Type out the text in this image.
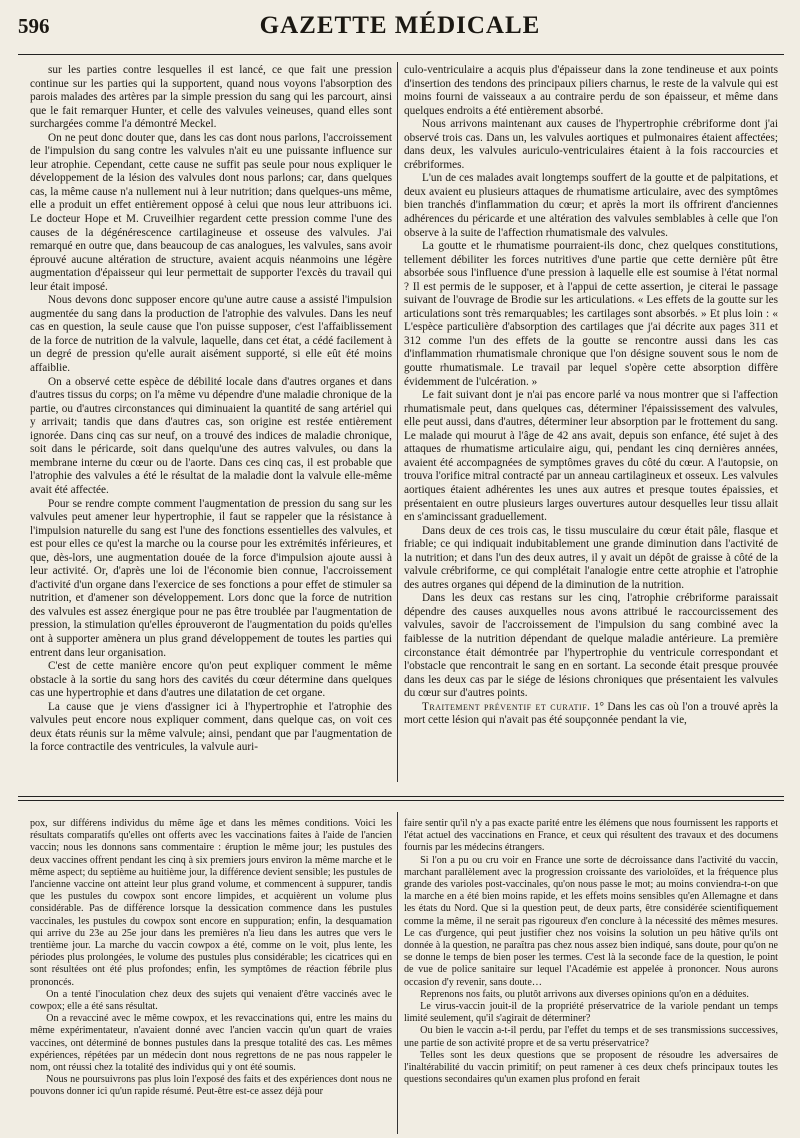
596	GAZETTE MÉDICALE

sur les parties contre lesquelles il est lancé, ce que fait une pression continue sur les parties qui la supportent, quand nous voyons l'absorption des parois malades des artères par la simple pression du sang qui les parcourt, ainsi que le fait remarquer Hunter, et celle des valvules veineuses, quand elles sont surchargées comme l'a démontré Meckel.

On ne peut donc douter que, dans les cas dont nous parlons, l'accroissement de l'impulsion du sang contre les valvules n'ait eu une puissante influence sur leur atrophie. Cependant, cette cause ne suffit pas seule pour nous expliquer le développement de la lésion des valvules dont nous parlons; car, dans quelques cas, la même cause n'a nullement nui à leur nutrition; dans quelques-uns même, elle a produit un effet entièrement opposé à celui que nous leur attribuons ici. Le docteur Hope et M. Cruveilhier regardent cette pression comme l'une des causes de la dégénérescence cartilagineuse et osseuse des valvules. J'ai remarqué en outre que, dans beaucoup de cas analogues, les valvules, sans avoir éprouvé aucune altération de structure, avaient acquis néanmoins une légère augmentation d'épaisseur qui leur permettait de supporter l'excès du travail qui leur était imposé.

Nous devons donc supposer encore qu'une autre cause a assisté l'impulsion augmentée du sang dans la production de l'atrophie des valvules. Dans les neuf cas en question, la seule cause que l'on puisse supposer, c'est l'affaiblissement de la force de nutrition de la valvule, laquelle, dans cet état, a cédé facilement à un degré de pression qu'elle aurait aisément supporté, si elle eût été moins affaiblie.

On a observé cette espèce de débilité locale dans d'autres organes et dans d'autres tissus du corps; on l'a même vu dépendre d'une maladie chronique de la partie, ou d'autres circonstances qui diminuaient la quantité de sang artériel qui y arrivait; tandis que dans d'autres cas, son origine est restée entièrement ignorée. Dans cinq cas sur neuf, on a trouvé des indices de maladie chronique, soit dans le péricarde, soit dans quelqu'une des autres valvules, ou dans la membrane interne du cœur ou de l'aorte. Dans ces cinq cas, il est probable que l'atrophie des valvules a été le résultat de la maladie dont la valvule elle-même avait été affectée.

Pour se rendre compte comment l'augmentation de pression du sang sur les valvules peut amener leur hypertrophie, il faut se rappeler que la résistance à l'impulsion naturelle du sang est l'une des fonctions essentielles des valvules, et est pour elles ce qu'est la marche ou la course pour les extrémités inférieures, et que, dès-lors, une augmentation douée de la force d'impulsion ajoute aussi à leur activité. Or, d'après une loi de l'économie bien connue, l'accroissement d'activité d'un organe dans l'exercice de ses fonctions a pour effet de stimuler sa nutrition, et d'amener son développement. Lors donc que la force de nutrition des valvules est assez énergique pour ne pas être troublée par l'augmentation de pression, la stimulation qu'elles éprouveront de l'augmentation du poids qu'elles ont à supporter amènera un plus grand développement de toutes les parties qui entrent dans leur organisation.

C'est de cette manière encore qu'on peut expliquer comment le même obstacle à la sortie du sang hors des cavités du cœur détermine dans quelques cas une hypertrophie et dans d'autres une dilatation de cet organe.

La cause que je viens d'assigner ici à l'hypertrophie et l'atrophie des valvules peut encore nous expliquer comment, dans quelque cas, on voit ces deux états réunis sur la même valvule; ainsi, pendant que par l'augmentation de la force contractile des ventricules, la valvule auri-

culo-ventriculaire a acquis plus d'épaisseur dans la zone tendineuse et aux points d'insertion des tendons des principaux piliers charnus, le reste de la valvule qui est moins fourni de vaisseaux a au contraire perdu de son épaisseur, et même dans quelques endroits a été entièrement absorbé.

Nous arrivons maintenant aux causes de l'hypertrophie crébriforme dont j'ai observé trois cas. Dans un, les valvules aortiques et pulmonaires étaient affectées; dans deux, les valvules auriculo-ventriculaires étaient à la fois raccourcies et crébriformes.

L'un de ces malades avait longtemps souffert de la goutte et de palpitations, et deux avaient eu plusieurs attaques de rhumatisme articulaire, avec des symptômes bien tranchés d'inflammation du cœur; et après la mort ils offrirent d'anciennes adhérences du péricarde et une altération des valvules semblables à celle que l'on observe à la suite de l'affection rhumatismale des valvules.

La goutte et le rhumatisme pourraient-ils donc, chez quelques constitutions, tellement débiliter les forces nutritives d'une partie que cette dernière pût être absorbée sous l'influence d'une pression à laquelle elle est soumise à l'état normal ? Il est permis de le supposer, et à l'appui de cette assertion, je citerai le passage suivant de l'ouvrage de Brodie sur les articulations. « Les effets de la goutte sur les articulations sont très remarquables; les cartilages sont absorbés. » Et plus loin : « L'espèce particulière d'absorption des cartilages que j'ai décrite aux pages 311 et 312 comme l'un des effets de la goutte se rencontre aussi dans les cas d'inflammation rhumatismale chronique que l'on désigne souvent sous le nom de goutte rhumatismale. Le travail par lequel s'opère cette absorption diffère évidemment de l'ulcération. »

Le fait suivant dont je n'ai pas encore parlé va nous montrer que si l'affection rhumatismale peut, dans quelques cas, déterminer l'épaississement des valvules, elle peut aussi, dans d'autres, déterminer leur absorption par le frottement du sang. Le malade qui mourut à l'âge de 42 ans avait, depuis son enfance, été sujet à des attaques de rhumatisme articulaire aigu, qui, pendant les cinq dernières années, avaient été accompagnées de symptômes graves du côté du cœur. A l'autopsie, on trouva l'orifice mitral contracté par un anneau cartilagineux et osseux. Les valvules aortiques étaient adhérentes les unes aux autres et presque toutes épaissies, et présentaient en outre plusieurs larges ouvertures autour desquelles leur tissu allait en s'amincissant graduellement.

Dans deux de ces trois cas, le tissu musculaire du cœur était pâle, flasque et friable; ce qui indiquait indubitablement une grande diminution dans l'activité de la nutrition; et dans l'un des deux autres, il y avait un dépôt de graisse à côté de la valvule crébriforme, ce qui complétait l'analogie entre cette atrophie et l'atrophie des autres organes qui dépend de la diminution de la nutrition.

Dans les deux cas restans sur les cinq, l'atrophie crébriforme paraissait dépendre des causes auxquelles nous avons attribué le raccourcissement des valvules, savoir de l'accroissement de l'impulsion du sang combiné avec la faiblesse de la nutrition dépendant de quelque maladie antérieure. La première circonstance était démontrée par l'hypertrophie du ventricule correspondant et l'obstacle que rencontrait le sang en en sortant. La seconde était presque prouvée dans les deux cas par le siége de lésions chroniques que présentaient les valvules du cœur sur d'autres points.

Traitement préventif et curatif. 1° Dans les cas où l'on a trouvé après la mort cette lésion qui n'avait pas été soupçonnée pendant la vie,

pox, sur différens individus du même âge et dans les mêmes conditions. Voici les résultats comparatifs qu'elles ont offerts avec les vaccinations faites à l'aide de l'ancien vaccin; nous les donnons sans commentaire : éruption le même jour; les pustules des deux vaccines offrent pendant les cinq à six premiers jours environ la même marche et le même aspect; du septième au huitième jour, la différence devient sensible; les pustules de l'ancienne vaccine ont atteint leur plus grand volume, et commencent à suppurer, tandis que les pustules du cowpox sont encore limpides, et acquièrent un volume plus considérable. Pas de différence lorsque la dessication commence dans les pustules vaccinales, les pustules du cowpox sont encore en suppuration; enfin, la desquamation qui arrive du 23e au 25e jour dans les premières n'a lieu dans les autres que vers le trentième jour. La marche du vaccin cowpox a été, comme on le voit, plus lente, les périodes plus prolongées, le volume des pustules plus considérable; les cicatrices qui en sont résultées ont été plus profondes; enfin, les symptômes de réaction fébrile plus prononcés.

On a tenté l'inoculation chez deux des sujets qui venaient d'être vaccinés avec le cowpox; elle a été sans résultat.

On a revacciné avec le même cowpox, et les revaccinations qui, entre les mains du même expérimentateur, n'avaient donné avec l'ancien vaccin qu'un quart de vraies vaccines, ont déterminé de bonnes pustules dans la presque totalité des cas. Les mêmes expériences, répétées par un médecin dont nous regrettons de ne pas nous rappeler le nom, ont réussi chez la totalité des individus qui y ont été soumis.

Nous ne poursuivrons pas plus loin l'exposé des faits et des expériences dont nous ne pouvons donner ici qu'un rapide résumé. Peut-être est-ce assez déjà pour

faire sentir qu'il n'y a pas exacte parité entre les élémens que nous fournissent les rapports et l'état actuel des vaccinations en France, et ceux qui résultent des travaux et des documens fournis par les médecins étrangers.

Si l'on a pu ou cru voir en France une sorte de décroissance dans l'activité du vaccin, marchant parallèlement avec la progression croissante des varioloïdes, et la fréquence plus grande des varioles post-vaccinales, qu'on nous passe le mot; au moins conviendra-t-on que la marche en a été bien moins rapide, et les effets moins sensibles qu'en Allemagne et dans les états du Nord. Que si la question peut, de deux parts, être considérée scientifiquement comme la même, il ne serait pas rigoureux d'en conclure à la nécessité des mêmes mesures. Le cas d'urgence, qui peut justifier chez nos voisins la solution un peu hâtive qu'ils ont donnée à la question, ne paraîtra pas chez nous assez bien indiqué, sans doute, pour qu'on ne se donne le temps de bien poser les termes. C'est là la seconde face de la question, le point de vue de police sanitaire sur lequel l'Académie est appelée à prononcer. Nous aurons occasion d'y revenir, sans doute…

Reprenons nos faits, ou plutôt arrivons aux diverses opinions qu'on en a déduites.

Le virus-vaccin jouit-il de la propriété préservatrice de la variole pendant un temps limité seulement, qu'il s'agirait de déterminer?

Ou bien le vaccin a-t-il perdu, par l'effet du temps et de ses transmissions successives, une partie de son activité propre et de sa vertu préservatrice?

Telles sont les deux questions que se proposent de résoudre les adversaires de l'inaltérabilité du vaccin primitif; on peut ramener à ces deux chefs principaux toutes les questions secondaires qu'un examen plus profond en ferait
